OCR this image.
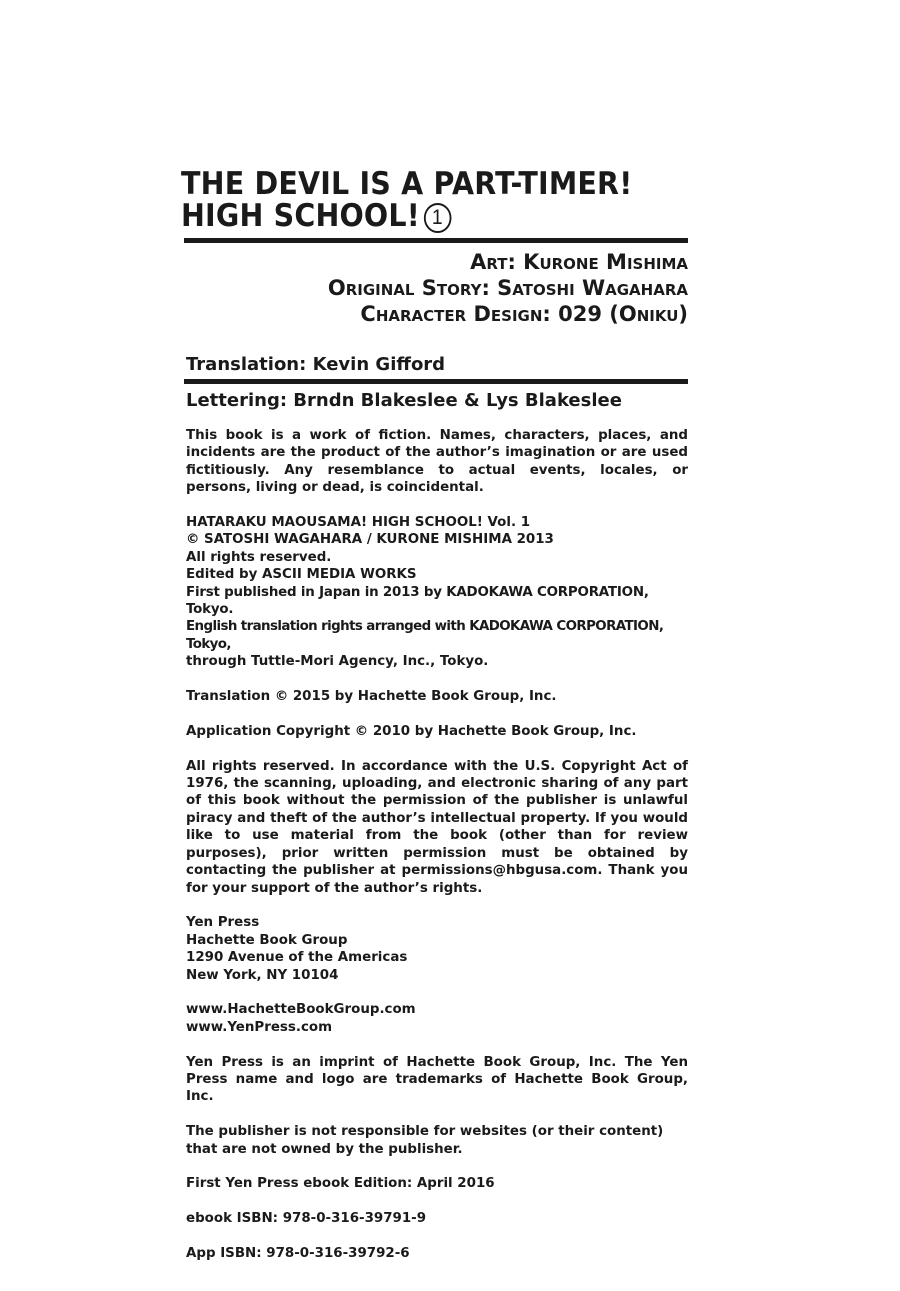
THE DEVIL IS A PART-TIMER!
HIGH SCHOOL! 1
Art: Kurone Mishima
Original Story: Satoshi Wagahara
Character Design: 029 (Oniku)
Translation: Kevin Gifford
Lettering: Brndn Blakeslee & Lys Blakeslee

This book is a work of fiction. Names, characters, places, and incidents are the product of the author’s imagination or are used fictitiously. Any resemblance to actual events, locales, or persons, living or dead, is coincidental.

HATARAKU MAOUSAMA! HIGH SCHOOL! Vol. 1
© SATOSHI WAGAHARA / KURONE MISHIMA 2013
All rights reserved.
Edited by ASCII MEDIA WORKS
First published in Japan in 2013 by KADOKAWA CORPORATION, Tokyo.
English translation rights arranged with KADOKAWA CORPORATION, Tokyo,
through Tuttle-Mori Agency, Inc., Tokyo.

Translation © 2015 by Hachette Book Group, Inc.

Application Copyright © 2010 by Hachette Book Group, Inc.

All rights reserved. In accordance with the U.S. Copyright Act of 1976, the scanning, uploading, and electronic sharing of any part of this book without the permission of the publisher is unlawful piracy and theft of the author’s intellectual property. If you would like to use material from the book (other than for review purposes), prior written permission must be obtained by contacting the publisher at permissions@hbgusa.com. Thank you for your support of the author’s rights.

Yen Press
Hachette Book Group
1290 Avenue of the Americas
New York, NY 10104

www.HachetteBookGroup.com
www.YenPress.com

Yen Press is an imprint of Hachette Book Group, Inc. The Yen Press name and logo are trademarks of Hachette Book Group, Inc.

The publisher is not responsible for websites (or their content) that are not owned by the publisher.

First Yen Press ebook Edition: April 2016

ebook ISBN: 978-0-316-39791-9

App ISBN: 978-0-316-39792-6
